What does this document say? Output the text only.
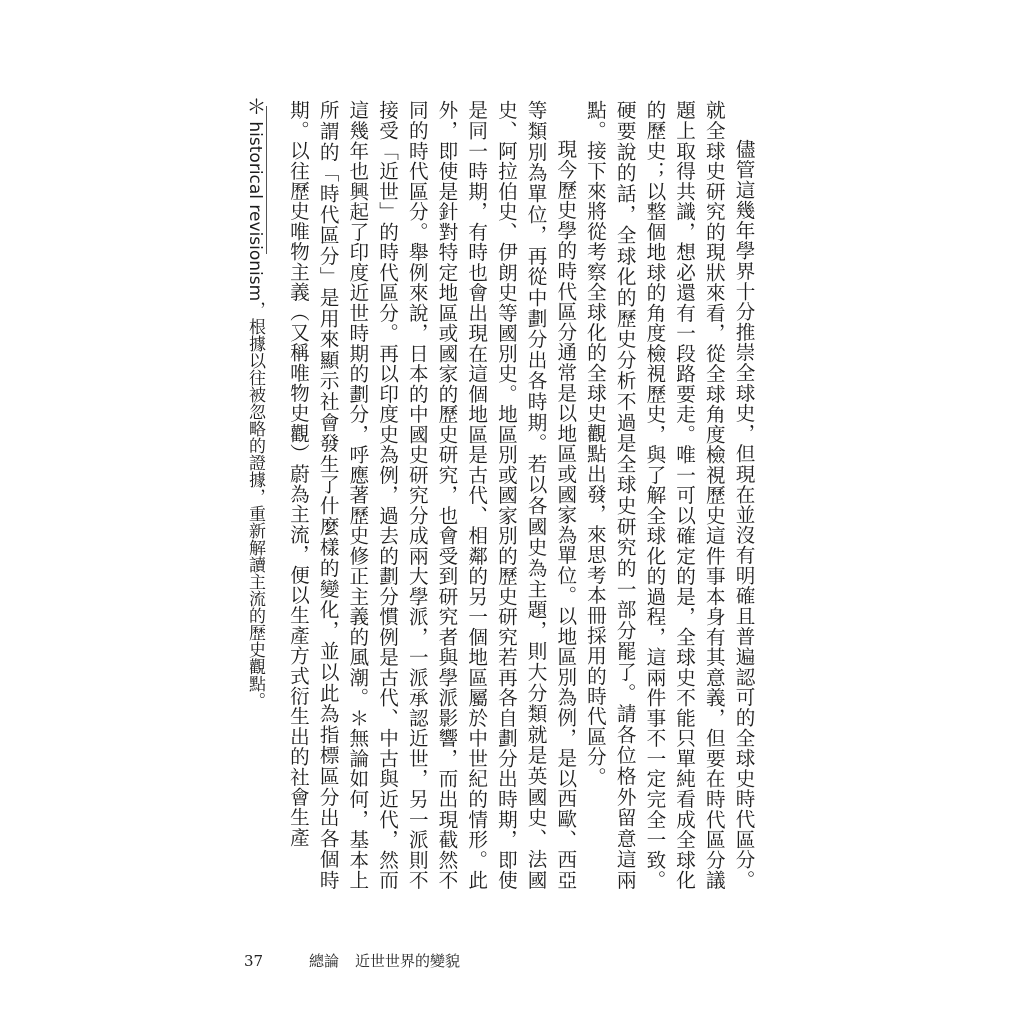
儘管這幾年學界十分推崇全球史，但現在並沒有明確且普遍認可的全球史時代區分。就全球史研究的現狀來看，從全球角度檢視歷史這件事本身有其意義，但要在時代區分議題上取得共識，想必還有一段路要走。唯一可以確定的是，全球史不能只單純看成全球化的歷史；以整個地球的角度檢視歷史，與了解全球化的過程，這兩件事不一定完全一致。硬要說的話，全球化的歷史分析不過是全球史研究的一部分罷了。請各位格外留意這兩點。接下來將從考察全球化的全球史觀點出發，來思考本冊採用的時代區分。

現今歷史學的時代區分通常是以地區或國家為單位。以地區別為例，是以西歐、西亞等類別為單位，再從中劃分出各時期。若以各國史為主題，則大分類就是英國史、法國史、阿拉伯史、伊朗史等國別史。地區別或國家別的歷史研究若再各自劃分出時期，即使是同一時期，有時也會出現在這個地區是古代、相鄰的另一個地區屬於中世紀的情形。此外，即使是針對特定地區或國家的歷史研究，也會受到研究者與學派影響，而出現截然不同的時代區分。舉例來說，日本的中國史研究分成兩大學派，一派承認近世，另一派則不接受「近世」的時代區分。再以印度史為例，過去的劃分慣例是古代、中古與近代，然而這幾年也興起了印度近世時期的劃分，呼應著歷史修正主義的風潮。＊無論如何，基本上所謂的「時代區分」是用來顯示社會發生了什麼樣的變化，並以此為指標區分出各個時期。以往歷史唯物主義（又稱唯物史觀）蔚為主流，便以生產方式衍生出的社會生產

＊ historical revisionism，根據以往被忽略的證據，重新解讀主流的歷史觀點。
37	總論 近世世界的變貌
